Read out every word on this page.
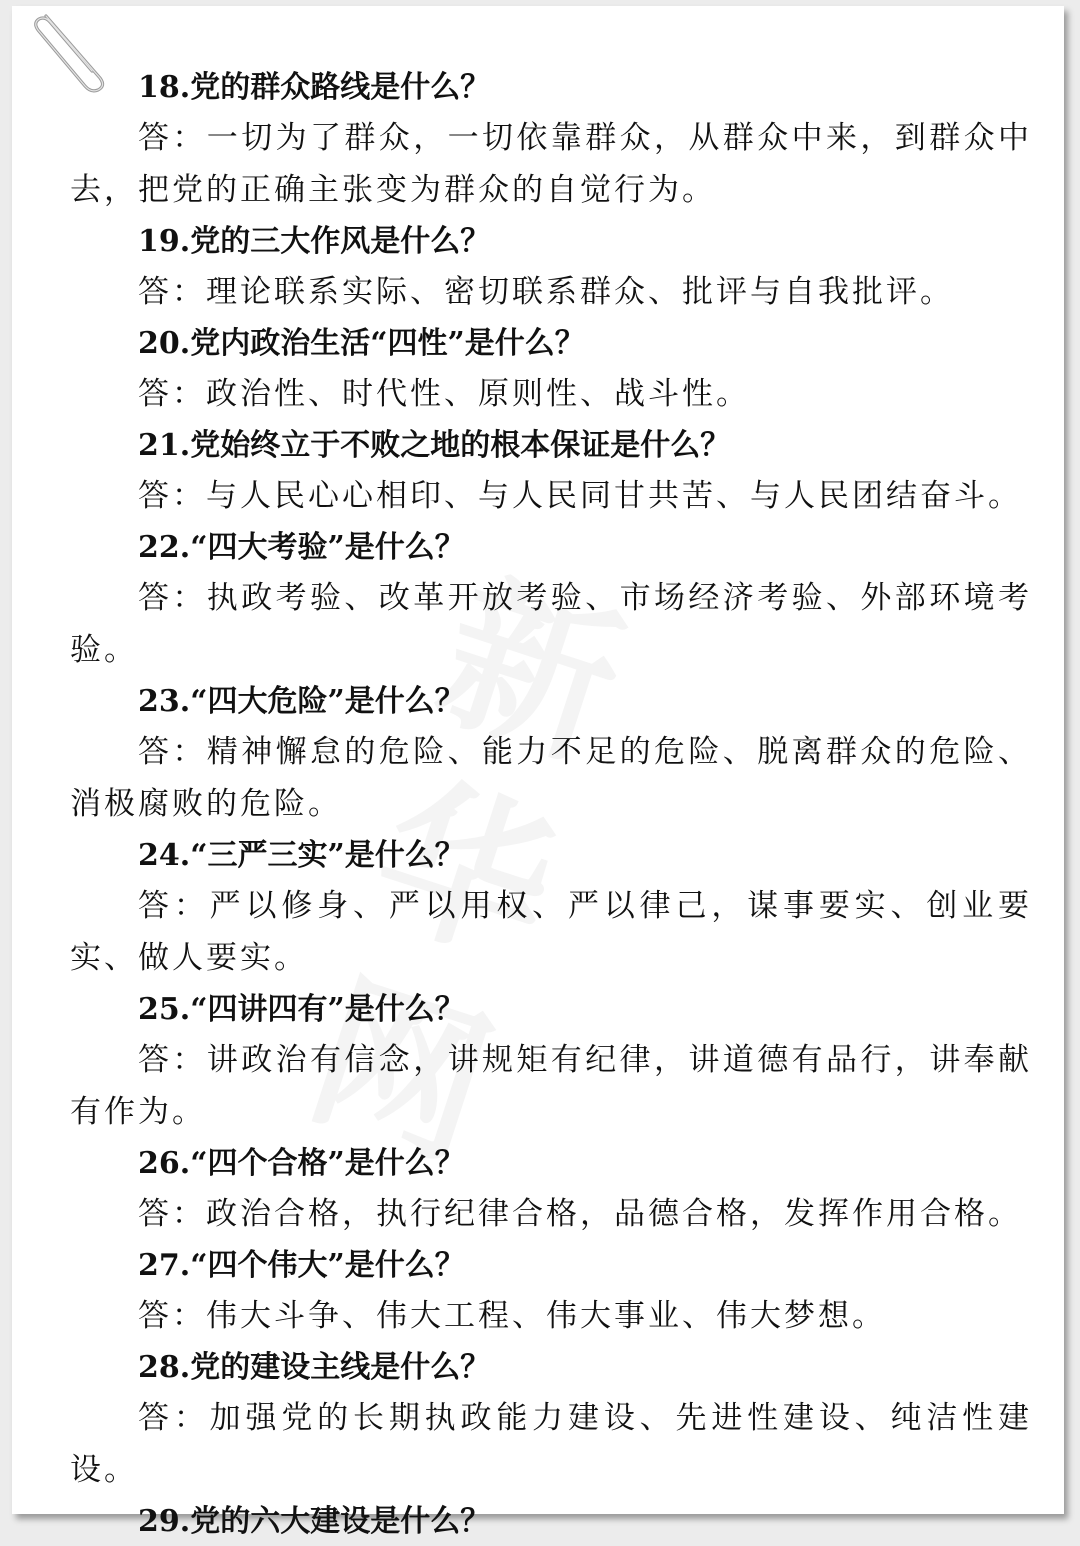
18.党的群众路线是什么？
答：一切为了群众，一切依靠群众，从群众中来，到群众中去，把党的正确主张变为群众的自觉行为。
19.党的三大作风是什么？
答：理论联系实际、密切联系群众、批评与自我批评。
20.党内政治生活“四性”是什么？
答：政治性、时代性、原则性、战斗性。
21.党始终立于不败之地的根本保证是什么？
答：与人民心心相印、与人民同甘共苦、与人民团结奋斗。
22.“四大考验”是什么？
答：执政考验、改革开放考验、市场经济考验、外部环境考验。
23.“四大危险”是什么？
答：精神懈怠的危险、能力不足的危险、脱离群众的危险、消极腐败的危险。
24.“三严三实”是什么？
答：严以修身、严以用权、严以律己，谋事要实、创业要实、做人要实。
25.“四讲四有”是什么？
答：讲政治有信念，讲规矩有纪律，讲道德有品行，讲奉献有作为。
26.“四个合格”是什么？
答：政治合格，执行纪律合格，品德合格，发挥作用合格。
27.“四个伟大”是什么？
答：伟大斗争、伟大工程、伟大事业、伟大梦想。
28.党的建设主线是什么？
答：加强党的长期执政能力建设、先进性建设、纯洁性建设。
29.党的六大建设是什么？
